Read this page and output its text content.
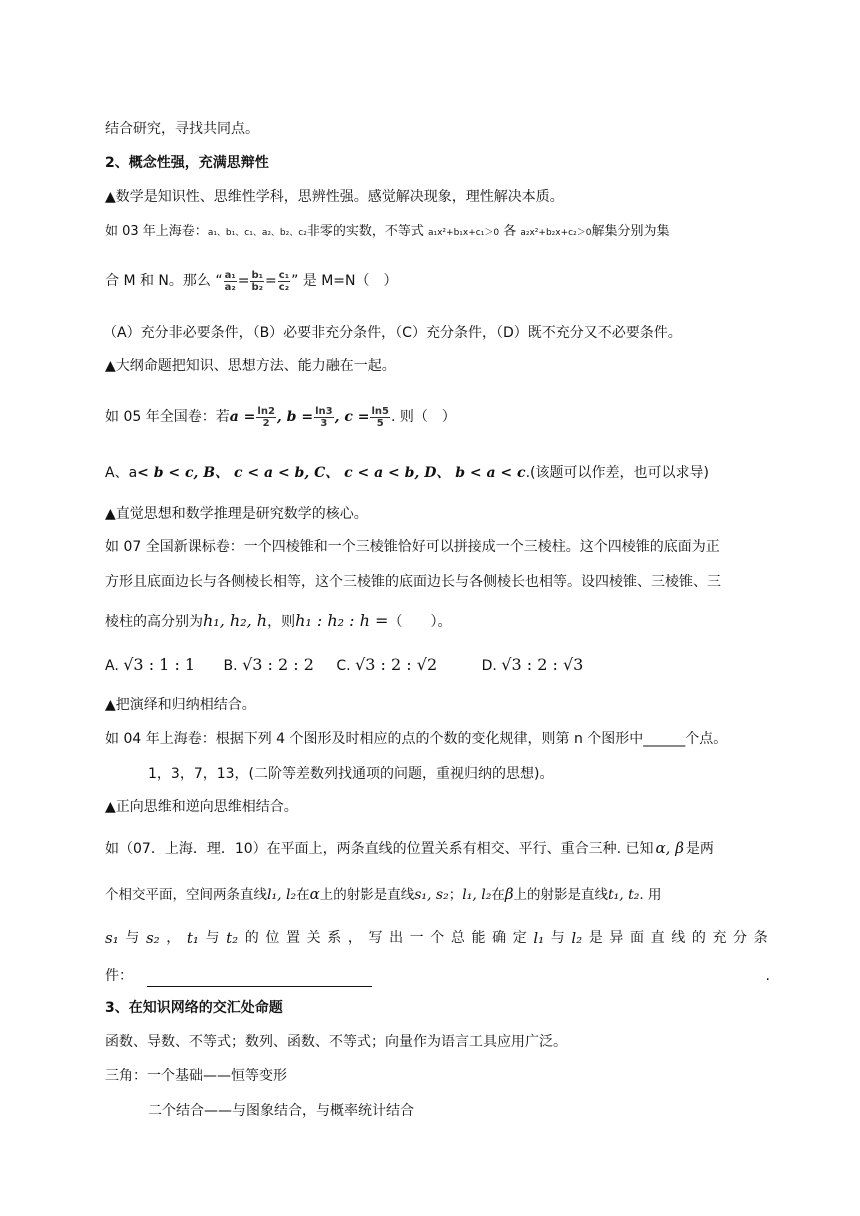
结合研究，寻找共同点。
2、概念性强，充满思辩性
▲数学是知识性、思维性学科，思辨性强。感觉解决现象，理性解决本质。
如 03 年上海卷：a₁、b₁、c₁、a₂、b₂、c₂非零的实数，不等式 a₁x²+b₁x+c₁＞0 各 a₂x²+b₂x+c₂＞0解集分别为集
合 M 和 N。那么 “ $\frac{\text{a₁}}{\text{a₂}} = \frac{\text{b₁}}{\text{b₂}} = \frac{\text{c₁}}{\text{c₂}}$ ” 是 M=N（　）
（A）充分非必要条件，（B）必要非充分条件，（C）充分条件，（D）既不充分又不必要条件。
▲大纲命题把知识、思想方法、能力融在一起。
如 05 年全国卷：若$a = \frac{\ln 2}{2}$ , $b = \frac{\ln 3}{3}$ , $c = \frac{\ln 5}{5}$ . 则（　）
A、a< b < c, B、 c < a < b, C、 c < a < b, D、 b < a < c.(该题可以作差，也可以求导)
▲直觉思想和数学推理是研究数学的核心。
如 07 全国新课标卷：一个四棱锥和一个三棱锥恰好可以拼接成一个三棱柱。这个四棱锥的底面为正
方形且底面边长与各侧棱长相等，这个三棱锥的底面边长与各侧棱长也相等。设四棱锥、三棱锥、三
棱柱的高分别为h₁, h₂, h，则h₁ : h₂ : h =（　　）。
A. √3 : 1 : 1 B. √3 : 2 : 2 C. √3 : 2 : √2	D. √3 : 2 : √3
▲把演绎和归纳相结合。
如 04 年上海卷：根据下列 4 个图形及时相应的点的个数的变化规律，则第 n 个图形中______个点。
1，3，7，13，(二阶等差数列找通项的问题，重视归纳的思想)。
▲正向思维和逆向思维相结合。
如（07．上海．理．10）在平面上，两条直线的位置关系有相交、平行、重合三种. 已知 α, β 是两
个相交平面，空间两条直线l₁, l₂在α上的射影是直线s₁, s₂；l₁, l₂在β上的射影是直线t₁, t₂. 用
s₁ 与 s₂ ， t₁ 与 t₂ 的 位 置 关 系 ， 写 出 一 个 总 能 确 定 l₁ 与 l₂ 是 异 面 直 线 的 充 分 条
件：	.
3、在知识网络的交汇处命题
函数、导数、不等式；数列、函数、不等式；向量作为语言工具应用广泛。
三角：一个基础——恒等变形
二个结合——与图象结合，与概率统计结合
